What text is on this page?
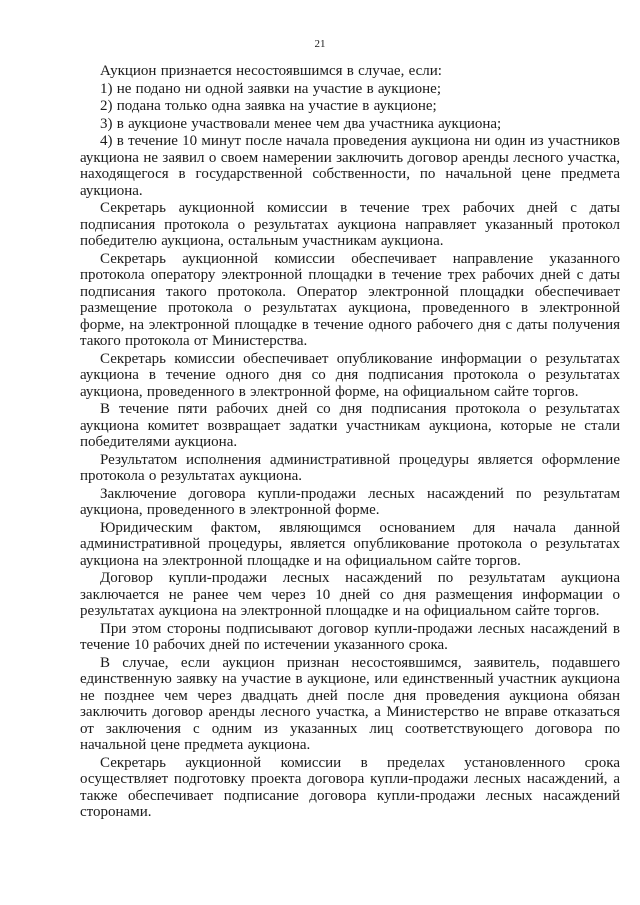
21

Аукцион признается несостоявшимся в случае, если:

1) не подано ни одной заявки на участие в аукционе;

2) подана только одна заявка на участие в аукционе;

3) в аукционе участвовали менее чем два участника аукциона;

4) в течение 10 минут после начала проведения аукциона ни один из участников аукциона не заявил о своем намерении заключить договор аренды лесного участка, находящегося в государственной собственности, по начальной цене предмета аукциона.

Секретарь аукционной комиссии в течение трех рабочих дней с даты подписания протокола о результатах аукциона направляет указанный протокол победителю аукциона, остальным участникам аукциона.

Секретарь аукционной комиссии обеспечивает направление указанного протокола оператору электронной площадки в течение трех рабочих дней с даты подписания такого протокола. Оператор электронной площадки обеспечивает размещение протокола о результатах аукциона, проведенного в электронной форме, на электронной площадке в течение одного рабочего дня с даты получения такого протокола от Министерства.

Секретарь комиссии обеспечивает опубликование информации о результатах аукциона в течение одного дня со дня подписания протокола о результатах аукциона, проведенного в электронной форме, на официальном сайте торгов.

В течение пяти рабочих дней со дня подписания протокола о результатах аукциона комитет возвращает задатки участникам аукциона, которые не стали победителями аукциона.

Результатом исполнения административной процедуры является оформление протокола о результатах аукциона.

Заключение договора купли-продажи лесных насаждений по результатам аукциона, проведенного в электронной форме.

Юридическим фактом, являющимся основанием для начала данной административной процедуры, является опубликование протокола о результатах аукциона на электронной площадке и на официальном сайте торгов.

Договор купли-продажи лесных насаждений по результатам аукциона заключается не ранее чем через 10 дней со дня размещения информации о результатах аукциона на электронной площадке и на официальном сайте торгов.

При этом стороны подписывают договор купли-продажи лесных насаждений в течение 10 рабочих дней по истечении указанного срока.

В случае, если аукцион признан несостоявшимся, заявитель, подавшего единственную заявку на участие в аукционе, или единственный участник аукциона не позднее чем через двадцать дней после дня проведения аукциона обязан заключить договор аренды лесного участка, а Министерство не вправе отказаться от заключения с одним из указанных лиц соответствующего договора по начальной цене предмета аукциона.

Секретарь аукционной комиссии в пределах установленного срока осуществляет подготовку проекта договора купли-продажи лесных насаждений, а также обеспечивает подписание договора купли-продажи лесных насаждений сторонами.
